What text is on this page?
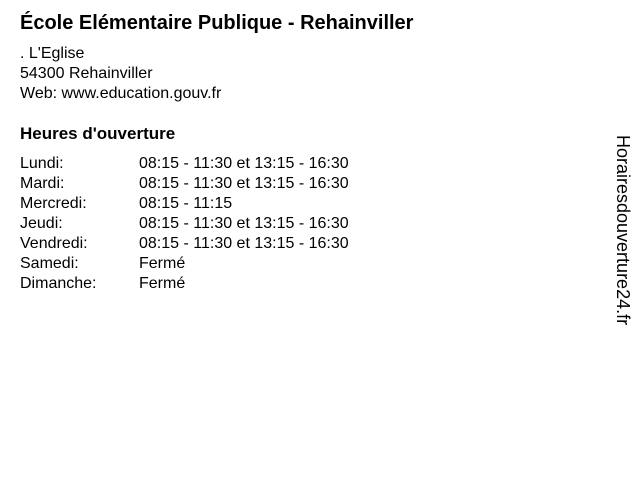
École Elémentaire Publique - Rehainviller
. L'Eglise
54300 Rehainviller
Web: www.education.gouv.fr
Heures d'ouverture
Lundi:	08:15 - 11:30 et 13:15 - 16:30
Mardi:	08:15 - 11:30 et 13:15 - 16:30
Mercredi:	08:15 - 11:15
Jeudi:	08:15 - 11:30 et 13:15 - 16:30
Vendredi:	08:15 - 11:30 et 13:15 - 16:30
Samedi:	Fermé
Dimanche:	Fermé	Horairesdouverture24.fr
